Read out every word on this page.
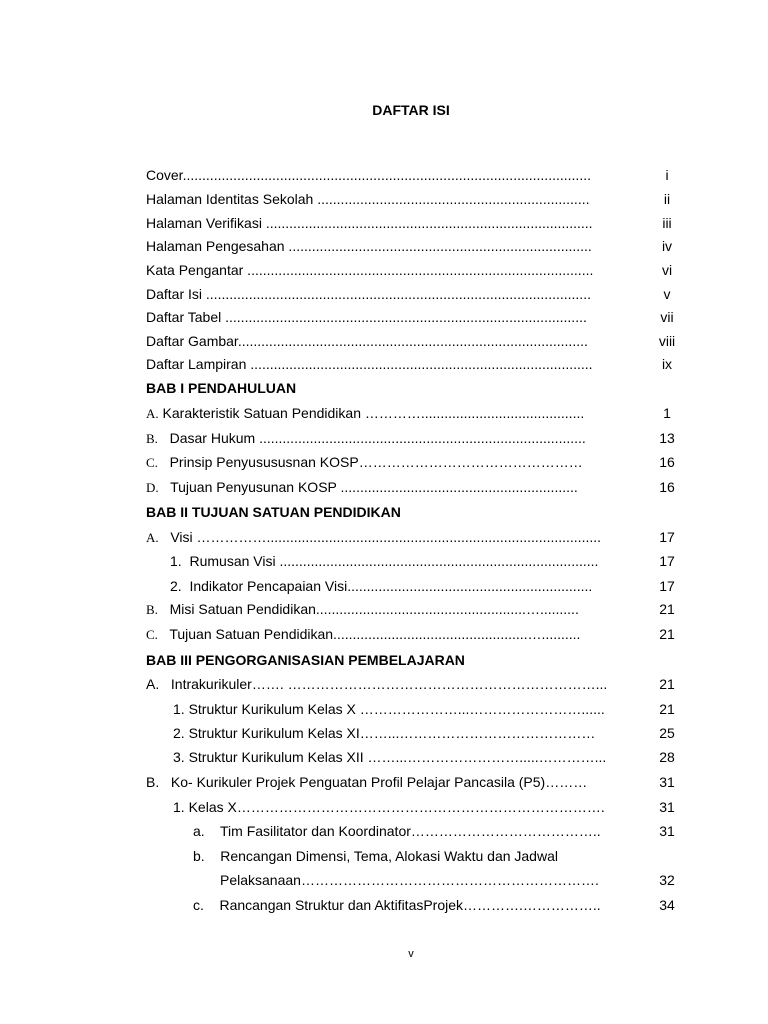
DAFTAR ISI
Cover.........................................................................................................	i
Halaman Identitas Sekolah ......................................................................	ii
Halaman Verifikasi ....................................................................................	iii
Halaman Pengesahan ..............................................................................	iv
Kata Pengantar .........................................................................................	vi
Daftar Isi ...................................................................................................	v
Daftar Tabel .............................................................................................	vii
Daftar Gambar..........................................................................................	viii
Daftar Lampiran ........................................................................................	ix
BAB I PENDAHULUAN
A. Karakteristik Satuan Pendidikan …………..........................................	1
B. Dasar Hukum ....................................................................................	13
C. Prinsip Penyusususnan KOSP…………………………………………	16
D. Tujuan Penyusunan KOSP .............................................................	16
BAB II TUJUAN SATUAN PENDIDIKAN
A. Visi ……………......................................................................................	17
1. Rumusan Visi ..................................................................................	17
2. Indikator Pencapaian Visi...............................................................	17
B. Misi Satuan Pendidikan......................................................…..........	21
C. Tujuan Satuan Pendidikan..................................................…..........	21
BAB III PENGORGANISASIAN PEMBELAJARAN
A. Intrakurikuler……. …………………………………………………………...	21
1. Struktur Kurikulum Kelas X …………………...……………………......	21
2. Struktur Kurikulum Kelas XI……...……………………………………	25
3. Struktur Kurikulum Kelas XII ……...…………………….....…………...	28
B. Ko- Kurikuler Projek Penguatan Profil Pelajar Pancasila (P5)………	31
1. Kelas X…………………………………………………………………….	31
a. Tim Fasilitator dan Koordinator…………………………………..	31
b. Rencangan Dimensi, Tema, Alokasi Waktu dan Jadwal
Pelaksanaan……………………………………………………….	32
c. Rancangan Struktur dan AktifitasProjek………….……………..	34
v
